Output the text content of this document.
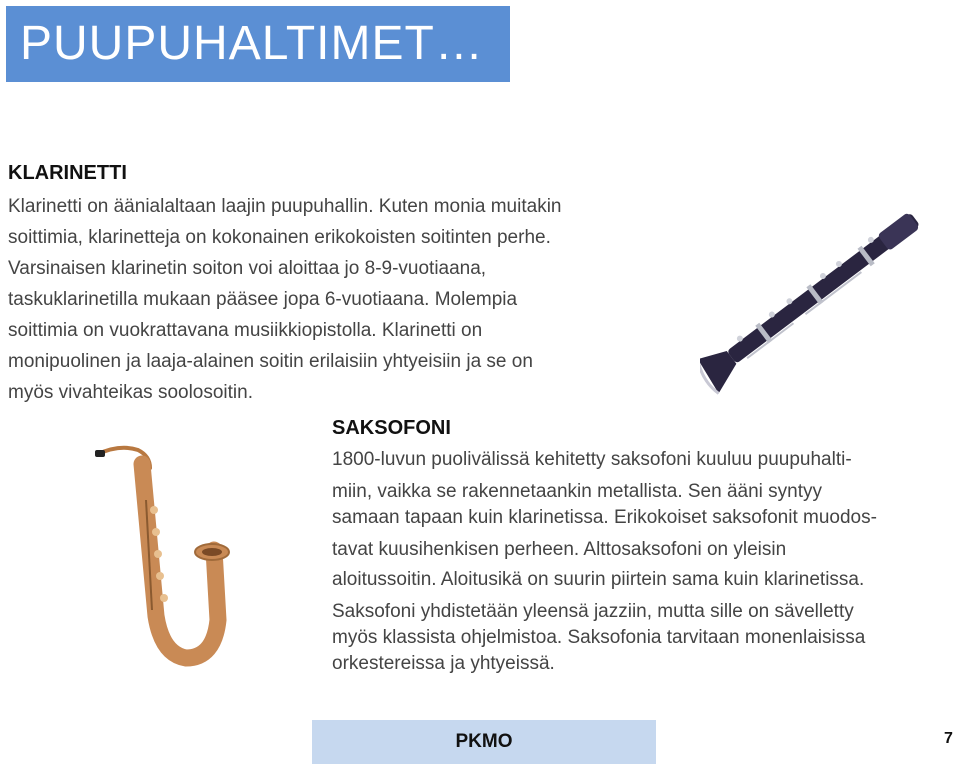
PUUPUHALTIMET…
KLARINETTI

Klarinetti on äänialaltaan laajin puupuhallin. Kuten monia muitakin
soittimia, klarinetteja on kokonainen erikokoisten soitinten perhe.
Varsinaisen klarinetin soiton voi aloittaa jo 8-9-vuotiaana,
taskuklarinetilla mukaan pääsee jopa 6-vuotiaana. Molempia
soittimia on vuokrattavana musiikkiopistolla. Klarinetti on
monipuolinen ja laaja-alainen soitin erilaisiin yhtyeisiin ja se on
myös vivahteikas soolosoitin.

SAKSOFONI

1800-luvun puolivälissä kehitetty saksofoni kuuluu puupuhalti-
miin, vaikka se rakennetaankin metallista. Sen ääni syntyy
samaan tapaan kuin klarinetissa. Erikokoiset saksofonit muodos-
tavat kuusihenkisen perheen. Alttosaksofoni on yleisin
aloitussoitin. Aloitusikä on suurin piirtein sama kuin klarinetissa.
Saksofoni yhdistetään yleensä jazziin, mutta sille on sävelletty
myös klassista ohjelmistoa. Saksofonia tarvitaan monenlaisissa
orkestereissa ja yhtyeissä.

PKMO	7
